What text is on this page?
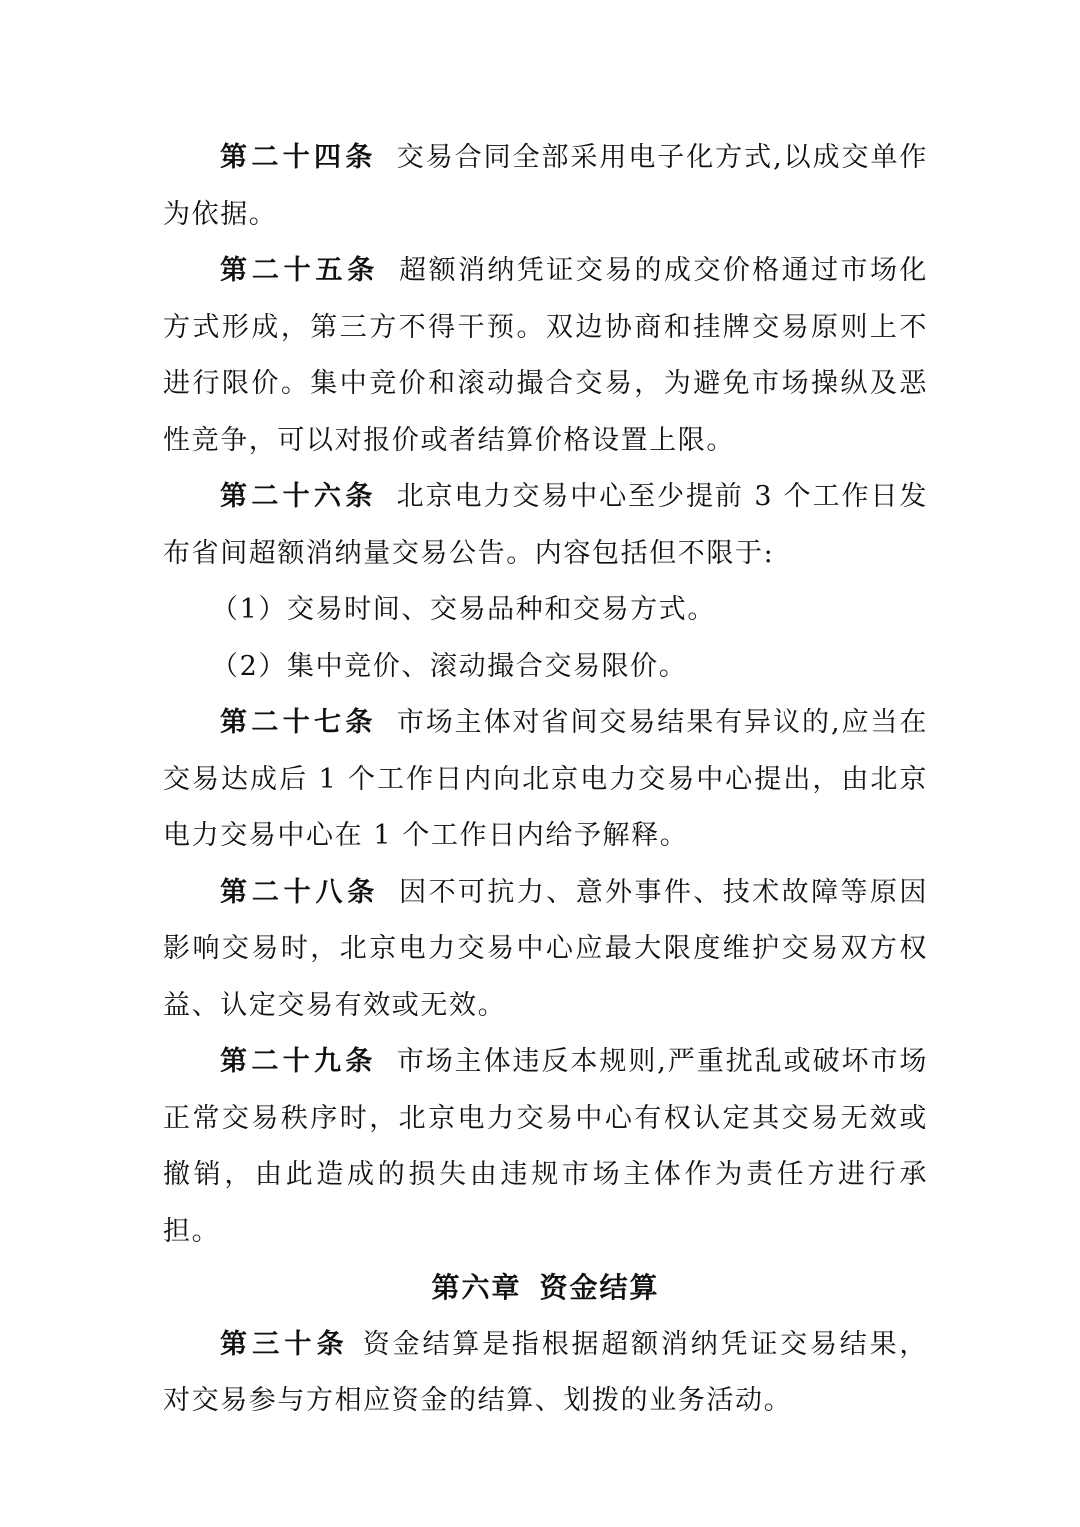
第二十四条 交易合同全部采用电子化方式,以成交单作为依据。

第二十五条 超额消纳凭证交易的成交价格通过市场化方式形成，第三方不得干预。双边协商和挂牌交易原则上不进行限价。集中竞价和滚动撮合交易，为避免市场操纵及恶性竞争，可以对报价或者结算价格设置上限。

第二十六条 北京电力交易中心至少提前 3 个工作日发布省间超额消纳量交易公告。内容包括但不限于:

（1）交易时间、交易品种和交易方式。

（2）集中竞价、滚动撮合交易限价。

第二十七条 市场主体对省间交易结果有异议的,应当在交易达成后 1 个工作日内向北京电力交易中心提出，由北京电力交易中心在 1 个工作日内给予解释。

第二十八条 因不可抗力、意外事件、技术故障等原因影响交易时，北京电力交易中心应最大限度维护交易双方权益、认定交易有效或无效。

第二十九条 市场主体违反本规则,严重扰乱或破坏市场正常交易秩序时，北京电力交易中心有权认定其交易无效或撤销，由此造成的损失由违规市场主体作为责任方进行承担。

第六章 资金结算

第三十条 资金结算是指根据超额消纳凭证交易结果，对交易参与方相应资金的结算、划拨的业务活动。
